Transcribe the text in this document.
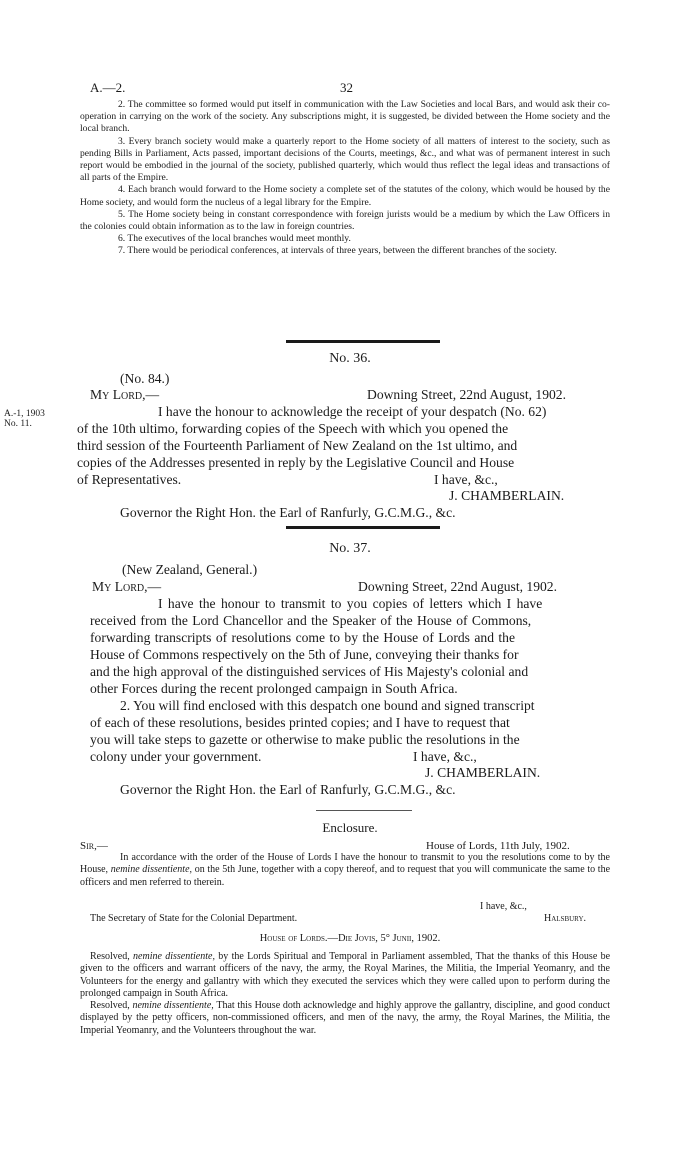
A.—2.	32

2. The committee so formed would put itself in communication with the Law Societies and local Bars, and would ask their co-operation in carrying on the work of the society. Any subscriptions might, it is suggested, be divided between the Home society and the local branch.

3. Every branch society would make a quarterly report to the Home society of all matters of interest to the society, such as pending Bills in Parliament, Acts passed, important decisions of the Courts, meetings, &c., and what was of permanent interest in such report would be embodied in the journal of the society, published quarterly, which would thus reflect the legal ideas and transactions of all parts of the Empire.

4. Each branch would forward to the Home society a complete set of the statutes of the colony, which would be housed by the Home society, and would form the nucleus of a legal library for the Empire.

5. The Home society being in constant correspondence with foreign jurists would be a medium by which the Law Officers in the colonies could obtain information as to the law in foreign countries.

6. The executives of the local branches would meet monthly.

7. There would be periodical conferences, at intervals of three years, between the different branches of the society.

No. 36.
(No. 84.)
My Lord,—	Downing Street, 22nd August, 1902.
A.-1, 1903
No. 11.
I have the honour to acknowledge the receipt of your despatch (No. 62)
of the 10th ultimo, forwarding copies of the Speech with which you opened the
third session of the Fourteenth Parliament of New Zealand on the 1st ultimo, and
copies of the Addresses presented in reply by the Legislative Council and House
of Representatives.	I have, &c.,
J. CHAMBERLAIN.
Governor the Right Hon. the Earl of Ranfurly, G.C.M.G., &c.
No. 37.
(New Zealand, General.)
My Lord,—	Downing Street, 22nd August, 1902.
I have the honour to transmit to you copies of letters which I have
received from the Lord Chancellor and the Speaker of the House of Commons,
forwarding transcripts of resolutions come to by the House of Lords and the
House of Commons respectively on the 5th of June, conveying their thanks for
and the high approval of the distinguished services of His Majesty's colonial and
other Forces during the recent prolonged campaign in South Africa.
2. You will find enclosed with this despatch one bound and signed transcript
of each of these resolutions, besides printed copies; and I have to request that
you will take steps to gazette or otherwise to make public the resolutions in the
colony under your government.	I have, &c.,
J. CHAMBERLAIN.
Governor the Right Hon. the Earl of Ranfurly, G.C.M.G., &c.
Enclosure.
Sir,—	House of Lords, 11th July, 1902.

In accordance with the order of the House of Lords I have the honour to transmit to you the resolutions come to by the House, nemine dissentiente, on the 5th June, together with a copy thereof, and to request that you will communicate the same to the officers and men referred to therein.

I have, &c.,
The Secretary of State for the Colonial Department.	Halsbury.
House of Lords.—Die Jovis, 5° Junii, 1902.

Resolved, nemine dissentiente, by the Lords Spiritual and Temporal in Parliament assembled, That the thanks of this House be given to the officers and warrant officers of the navy, the army, the Royal Marines, the Militia, the Imperial Yeomanry, and the Volunteers for the energy and gallantry with which they executed the services which they were called upon to perform during the prolonged campaign in South Africa.

Resolved, nemine dissentiente, That this House doth acknowledge and highly approve the gallantry, discipline, and good conduct displayed by the petty officers, non-commissioned officers, and men of the navy, the army, the Royal Marines, the Militia, the Imperial Yeomanry, and the Volunteers throughout the war.
